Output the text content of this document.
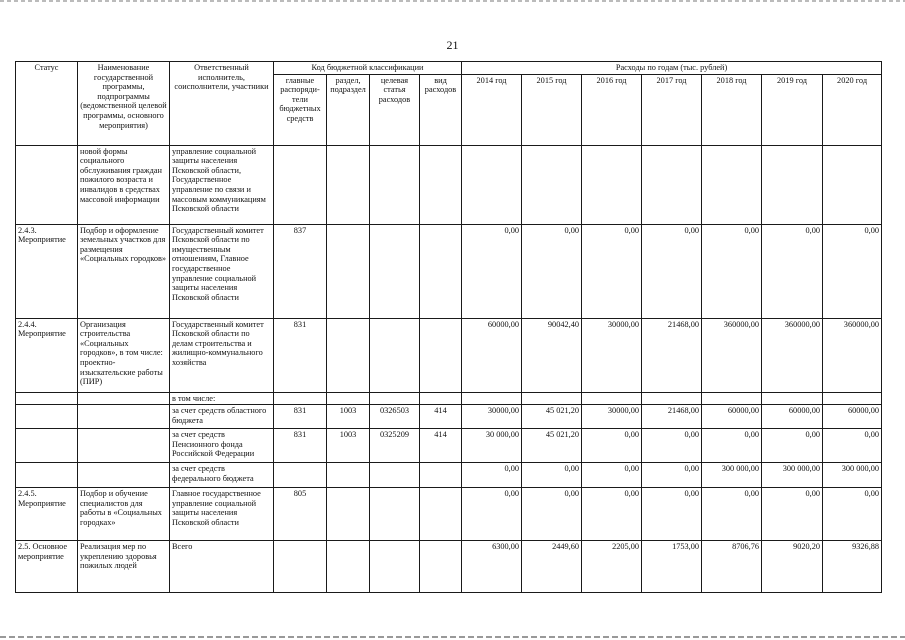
21
Статус	Наименование государственной программы, подпрограммы (ведомственной целевой программы, основного мероприятия)	Ответственный исполнитель, соисполнители, участники	Код бюджетной классификации				Расходы по годам (тыс. рублей)						
			главные распоряди-тели бюджетных средств	раздел, подраздел	целевая статья расходов	вид расходов	2014 год	2015 год	2016 год	2017 год	2018 год	2019 год	2020 год
	новой формы социального обслуживания граждан пожилого возраста и инвалидов в средствах массовой информации	управление социальной защиты населения Псковской области, Государственное управление по связи и массовым коммуникациям Псковской области											
2.4.3. Мероприятие	Подбор и оформление земельных участков для размещения «Социальных городков»	Государственный комитет Псковской области по имущественным отношениям, Главное государственное управление социальной защиты населения Псковской области	837				0,00	0,00	0,00	0,00	0,00	0,00	0,00
2.4.4. Мероприятие	Организация строительства «Социальных городков», в том числе: проектно-изыскательские работы (ПИР)	Государственный комитет Псковской области по делам строительства и жилищно-коммунального хозяйства	831				60000,00	90042,40	30000,00	21468,00	360000,00	360000,00	360000,00
		в том числе:											
		за счет средств областного бюджета	831	1003	0326503	414	30000,00	45 021,20	30000,00	21468,00	60000,00	60000,00	60000,00
		за счет средств Пенсионного фонда Российской Федерации	831	1003	0325209	414	30 000,00	45 021,20	0,00	0,00	0,00	0,00	0,00
		за счет средств федерального бюджета					0,00	0,00	0,00	0,00	300 000,00	300 000,00	300 000,00
2.4.5. Мероприятие	Подбор и обучение специалистов для работы в «Социальных городках»	Главное государственное управление социальной защиты населения Псковской области	805				0,00	0,00	0,00	0,00	0,00	0,00	0,00
2.5. Основное мероприятие	Реализация мер по укреплению здоровья пожилых людей	Всего					6300,00	2449,60	2205,00	1753,00	8706,76	9020,20	9326,88
